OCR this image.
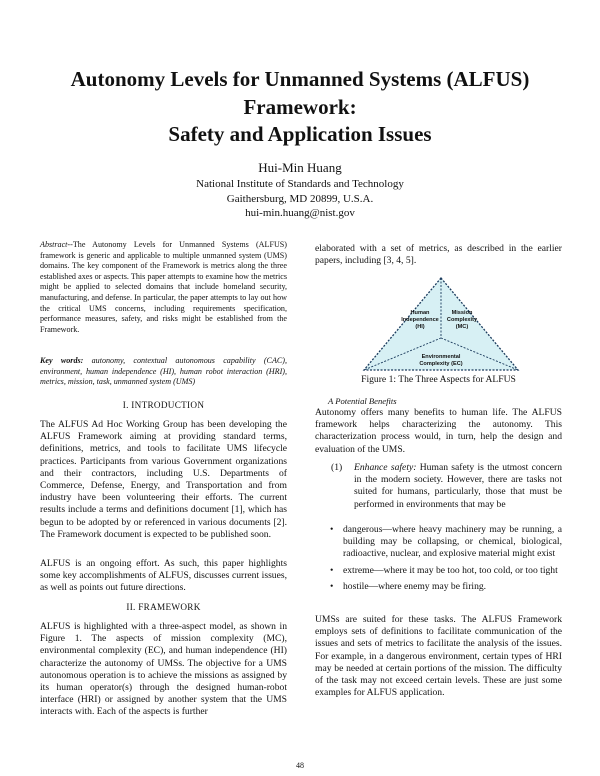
Autonomy Levels for Unmanned Systems (ALFUS)
Framework:
Safety and Application Issues
Hui-Min Huang
National Institute of Standards and Technology
Gaithersburg, MD 20899, U.S.A.
hui-min.huang@nist.gov
Abstract--The Autonomy Levels for Unmanned Systems (ALFUS) framework is generic and applicable to multiple unmanned system (UMS) domains. The key component of the Framework is metrics along the three established axes or aspects. This paper attempts to examine how the metrics might be applied to selected domains that include homeland security, manufacturing, and defense. In particular, the paper attempts to lay out how the critical UMS concerns, including requirements specification, performance measures, safety, and risks might be established from the Framework.
Key words: autonomy, contextual autonomous capability (CAC), environment, human independence (HI), human robot interaction (HRI), metrics, mission, task, unmanned system (UMS)
I. INTRODUCTION
The ALFUS Ad Hoc Working Group has been developing the ALFUS Framework aiming at providing standard terms, definitions, metrics, and tools to facilitate UMS lifecycle practices. Participants from various Government organizations and their contractors, including U.S. Departments of Commerce, Defense, Energy, and Transportation and from industry have been volunteering their efforts. The current results include a terms and definitions document [1], which has begun to be adopted by or referenced in various documents [2]. The Framework document is expected to be published soon.
ALFUS is an ongoing effort. As such, this paper highlights some key accomplishments of ALFUS, discusses current issues, as well as points out future directions.
II. FRAMEWORK
ALFUS is highlighted with a three-aspect model, as shown in Figure 1. The aspects of mission complexity (MC), environmental complexity (EC), and human independence (HI) characterize the autonomy of UMSs. The objective for a UMS autonomous operation is to achieve the missions as assigned by its human operator(s) through the designed human-robot interface (HRI) or assigned by another system that the UMS interacts with. Each of the aspects is further
elaborated with a set of metrics, as described in the earlier papers, including [3, 4, 5].
Human
Independence
(HI)
Mission
Complexity
(MC)
Environmental
Complexity (EC)
Figure 1: The Three Aspects for ALFUS
A Potential Benefits
Autonomy offers many benefits to human life. The ALFUS framework helps characterizing the autonomy. This characterization process would, in turn, help the design and evaluation of the UMS.
(1)	Enhance safety: Human safety is the utmost concern in the modern society. However, there are tasks not suited for humans, particularly, those that must be performed in environments that may be
• dangerous—where heavy machinery may be running, a building may be collapsing, or chemical, biological, radioactive, nuclear, and explosive material might exist
• extreme—where it may be too hot, too cold, or too tight
• hostile—where enemy may be firing.
UMSs are suited for these tasks. The ALFUS Framework employs sets of definitions to facilitate communication of the issues and sets of metrics to facilitate the analysis of the issues. For example, in a dangerous environment, certain types of HRI may be needed at certain portions of the mission. The difficulty of the task may not exceed certain levels. These are just some examples for ALFUS application.
48
